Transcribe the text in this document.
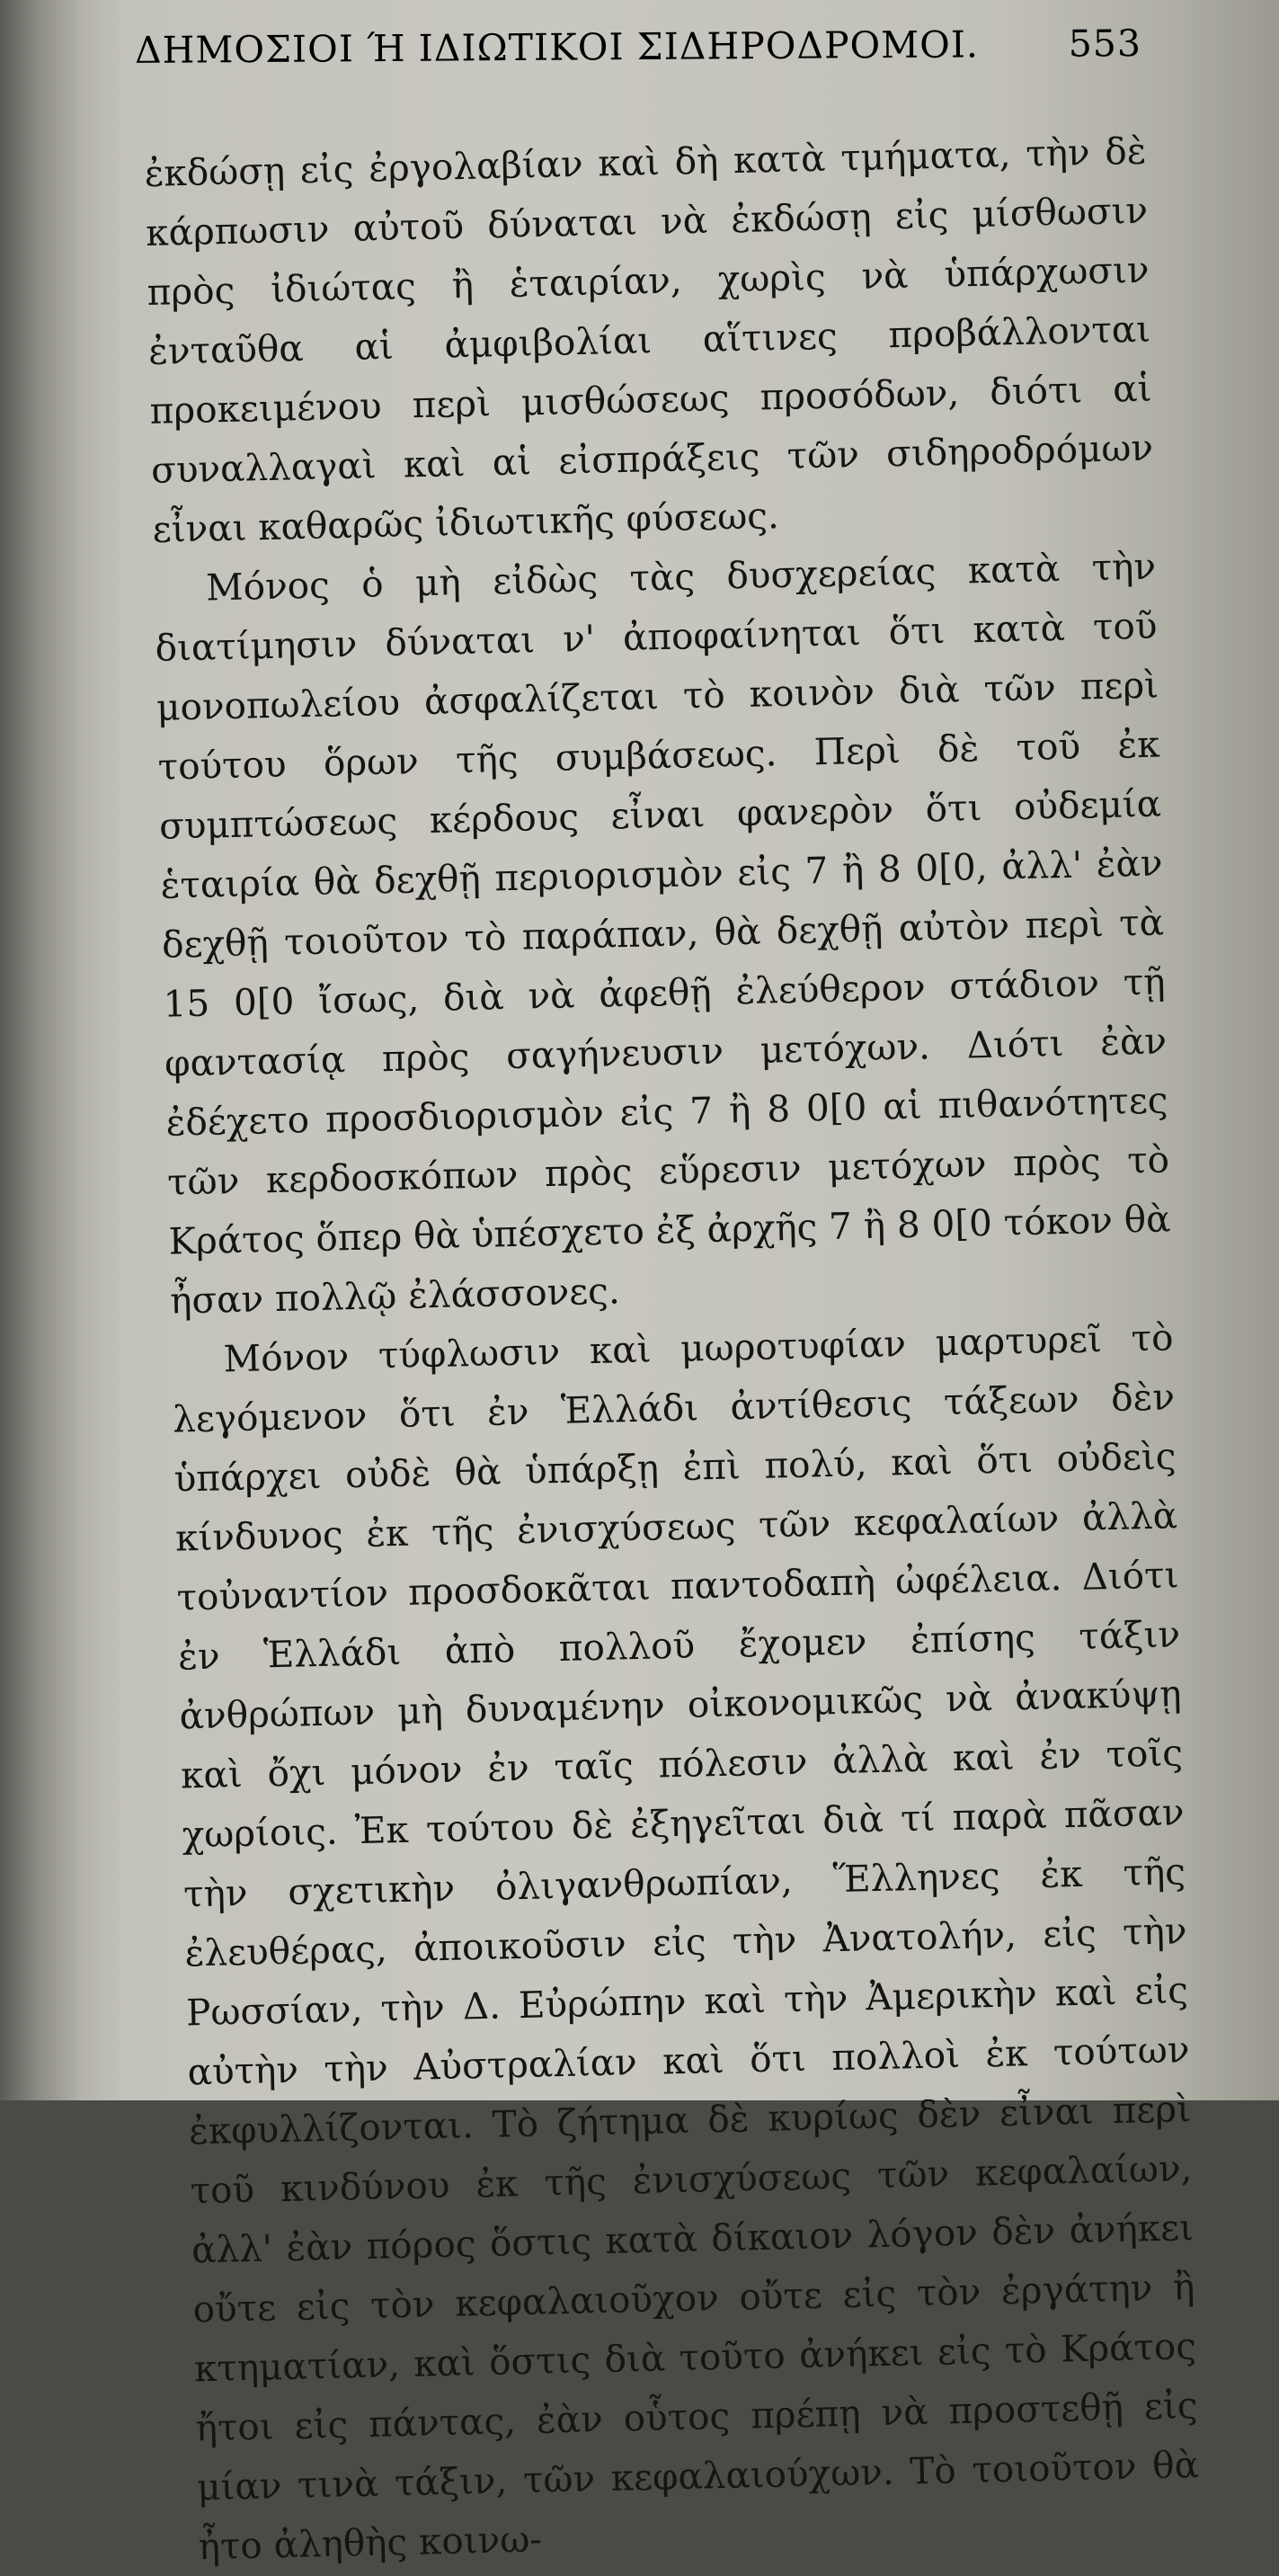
ΔΗΜΟΣΙΟΙ Ή ΙΔΙΩΤΙΚΟΙ ΣΙΔΗΡΟΔΡΟΜΟΙ. 553

ἐκδώσῃ εἰς ἐργολαβίαν καὶ δὴ κατὰ τμήματα, τὴν δὲ κάρπωσιν αὐτοῦ δύναται νὰ ἐκδώσῃ εἰς μίσθωσιν πρὸς ἰδιώτας ἢ ἑταιρίαν, χωρὶς νὰ ὑπάρχωσιν ἐνταῦθα αἱ ἀμφιβολίαι αἵτινες προβάλλονται προκειμένου περὶ μισθώσεως προσόδων, διότι αἱ συναλλαγαὶ καὶ αἱ εἰσπράξεις τῶν σιδηροδρόμων εἶναι καθαρῶς ἰδιωτικῆς φύσεως.

Μόνος ὁ μὴ εἰδὼς τὰς δυσχερείας κατὰ τὴν διατίμησιν δύναται ν' ἀποφαίνηται ὅτι κατὰ τοῦ μονοπωλείου ἀσφαλίζεται τὸ κοινὸν διὰ τῶν περὶ τούτου ὅρων τῆς συμβάσεως. Περὶ δὲ τοῦ ἐκ συμπτώσεως κέρδους εἶναι φανερὸν ὅτι οὐδεμία ἑταιρία θὰ δεχθῇ περιορισμὸν εἰς 7 ἢ 8 0[0, ἀλλ' ἐὰν δεχθῇ τοιοῦτον τὸ παράπαν, θὰ δεχθῇ αὐτὸν περὶ τὰ 15 0[0 ἴσως, διὰ νὰ ἀφεθῇ ἐλεύθερον στάδιον τῇ φαντασίᾳ πρὸς σαγήνευσιν μετόχων. Διότι ἐὰν ἐδέχετο προσδιορισμὸν εἰς 7 ἢ 8 0[0 αἱ πιθανότητες τῶν κερδοσκόπων πρὸς εὕρεσιν μετόχων πρὸς τὸ Κράτος ὅπερ θὰ ὑπέσχετο ἐξ ἀρχῆς 7 ἢ 8 0[0 τόκον θὰ ἦσαν πολλῷ ἐλάσσονες.

Μόνον τύφλωσιν καὶ μωροτυφίαν μαρτυρεῖ τὸ λεγόμενον ὅτι ἐν Ἑλλάδι ἀντίθεσις τάξεων δὲν ὑπάρχει οὐδὲ θὰ ὑπάρξῃ ἐπὶ πολύ, καὶ ὅτι οὐδεὶς κίνδυνος ἐκ τῆς ἐνισχύσεως τῶν κεφαλαίων ἀλλὰ τοὐναντίον προσδοκᾶται παντοδαπὴ ὠφέλεια. Διότι ἐν Ἑλλάδι ἀπὸ πολλοῦ ἔχομεν ἐπίσης τάξιν ἀνθρώπων μὴ δυναμένην οἰκονομικῶς νὰ ἀνακύψῃ καὶ ὄχι μόνον ἐν ταῖς πόλεσιν ἀλλὰ καὶ ἐν τοῖς χωρίοις. Ἐκ τούτου δὲ ἐξηγεῖται διὰ τί παρὰ πᾶσαν τὴν σχετικὴν ὀλιγανθρωπίαν, Ἕλληνες ἐκ τῆς ἐλευθέρας, ἀποικοῦσιν εἰς τὴν Ἀνατολήν, εἰς τὴν Ρωσσίαν, τὴν Δ. Εὐρώπην καὶ τὴν Ἀμερικὴν καὶ εἰς αὐτὴν τὴν Αὐστραλίαν καὶ ὅτι πολλοὶ ἐκ τούτων ἐκφυλλίζονται. Τὸ ζήτημα δὲ κυρίως δὲν εἶναι περὶ τοῦ κινδύνου ἐκ τῆς ἐνισχύσεως τῶν κεφαλαίων, ἀλλ' ἐὰν πόρος ὅστις κατὰ δίκαιον λόγον δὲν ἀνήκει οὔτε εἰς τὸν κεφαλαιοῦχον οὔτε εἰς τὸν ἐργάτην ἢ κτηματίαν, καὶ ὅστις διὰ τοῦτο ἀνήκει εἰς τὸ Κράτος ἤτοι εἰς πάντας, ἐὰν οὗτος πρέπῃ νὰ προστεθῇ εἰς μίαν τινὰ τάξιν, τῶν κεφαλαιούχων. Τὸ τοιοῦτον θὰ ἦτο ἀληθὴς κοινω-
